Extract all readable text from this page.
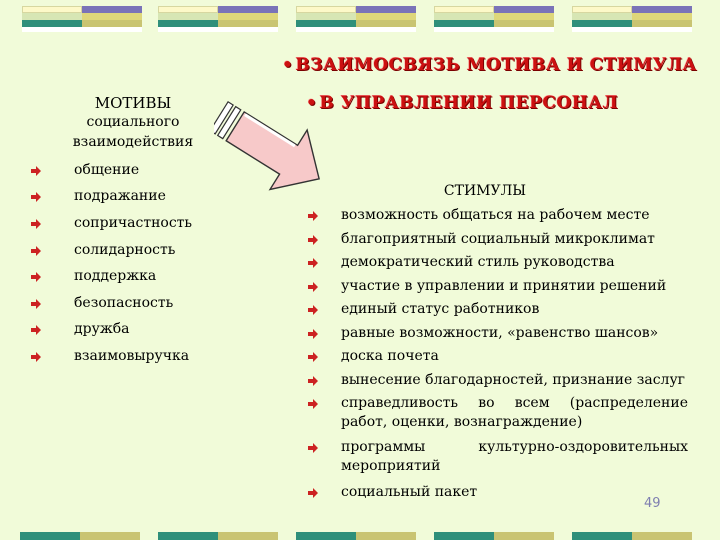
• ВЗАИМОСВЯЗЬ МОТИВА И СТИМУЛА
• В УПРАВЛЕНИИ ПЕРСОНАЛ
МОТИВЫ
социального
взаимодействия
общение
подражание
сопричастность
солидарность
поддержка
безопасность
дружба
взаимовыручка
СТИМУЛЫ
возможность общаться на рабочем месте
благоприятный социальный микроклимат
демократический стиль руководства
участие в управлении и принятии решений
единый статус работников
равные возможности, «равенство шансов»
доска почета
вынесение благодарностей, признание заслуг
справедливость во всем (распределение
работ, оценки, вознаграждение)
программы культурно-оздоровительных
мероприятий
социальный пакет
49
